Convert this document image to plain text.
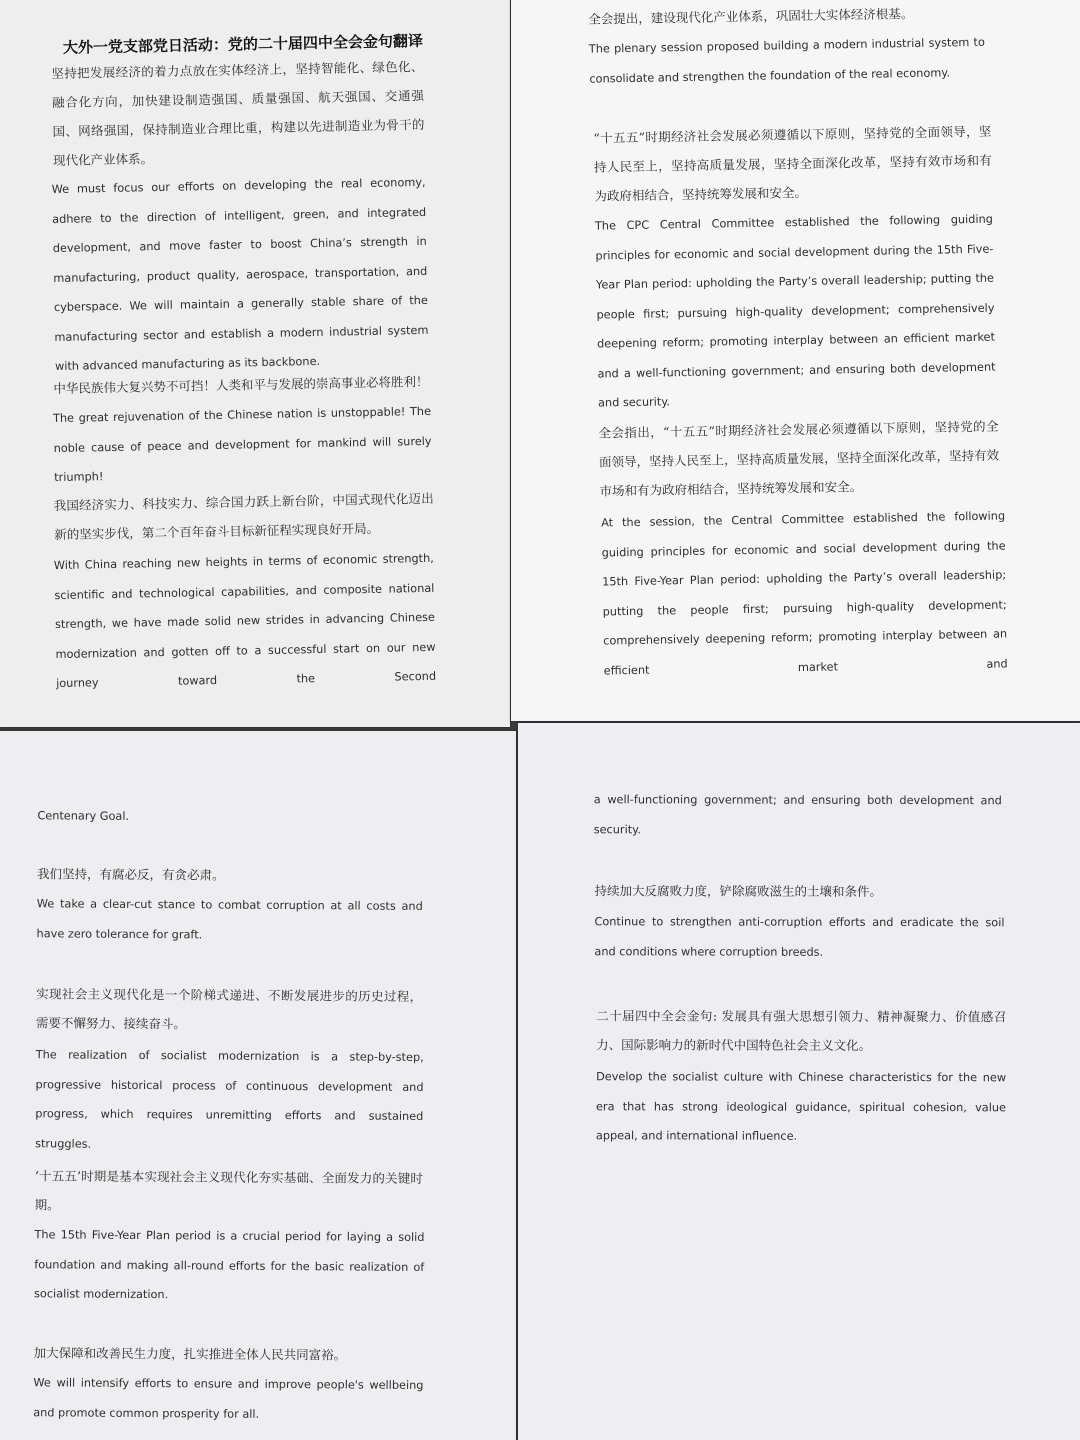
大外一党支部党日活动：党的二十届四中全会金句翻译

坚持把发展经济的着力点放在实体经济上，坚持智能化、绿色化、融合化方向，加快建设制造强国、质量强国、航天强国、交通强国、网络强国，保持制造业合理比重，构建以先进制造业为骨干的现代化产业体系。

We must focus our efforts on developing the real economy, adhere to the direction of intelligent, green, and integrated development, and move faster to boost China’s strength in manufacturing, product quality, aerospace, transportation, and cyberspace. We will maintain a generally stable share of the manufacturing sector and establish a modern industrial system with advanced manufacturing as its backbone.

中华民族伟大复兴势不可挡！人类和平与发展的崇高事业必将胜利！

The great rejuvenation of the Chinese nation is unstoppable! The noble cause of peace and development for mankind will surely triumph!

我国经济实力、科技实力、综合国力跃上新台阶，中国式现代化迈出新的坚实步伐，第二个百年奋斗目标新征程实现良好开局。

With China reaching new heights in terms of economic strength, scientific and technological capabilities, and composite national strength, we have made solid new strides in advancing Chinese modernization and gotten off to a successful start on our new journey toward the Second

全会提出，建设现代化产业体系，巩固壮大实体经济根基。

The plenary session proposed building a modern industrial system to consolidate and strengthen the foundation of the real economy.

“十五五”时期经济社会发展必须遵循以下原则，坚持党的全面领导，坚持人民至上，坚持高质量发展，坚持全面深化改革，坚持有效市场和有为政府相结合，坚持统筹发展和安全。

The CPC Central Committee established the following guiding principles for economic and social development during the 15th Five-Year Plan period: upholding the Party’s overall leadership; putting the people first; pursuing high-quality development; comprehensively deepening reform; promoting interplay between an efficient market and a well-functioning government; and ensuring both development and security.

全会指出，“十五五”时期经济社会发展必须遵循以下原则，坚持党的全面领导，坚持人民至上，坚持高质量发展，坚持全面深化改革，坚持有效市场和有为政府相结合，坚持统筹发展和安全。

At the session, the Central Committee established the following guiding principles for economic and social development during the 15th Five-Year Plan period: upholding the Party’s overall leadership; putting the people first; pursuing high-quality development; comprehensively deepening reform; promoting interplay between an efficient market and

Centenary Goal.

我们坚持，有腐必反，有贪必肃。

We take a clear-cut stance to combat corruption at all costs and have zero tolerance for graft.

实现社会主义现代化是一个阶梯式递进、不断发展进步的历史过程，需要不懈努力、接续奋斗。

The realization of socialist modernization is a step-by-step, progressive historical process of continuous development and progress, which requires unremitting efforts and sustained struggles.

‘十五五’时期是基本实现社会主义现代化夯实基础、全面发力的关键时期。

The 15th Five-Year Plan period is a crucial period for laying a solid foundation and making all-round efforts for the basic realization of socialist modernization.

加大保障和改善民生力度，扎实推进全体人民共同富裕。

We will intensify efforts to ensure and improve people's wellbeing and promote common prosperity for all.

a well-functioning government; and ensuring both development and security.

持续加大反腐败力度，铲除腐败滋生的土壤和条件。

Continue to strengthen anti-corruption efforts and eradicate the soil and conditions where corruption breeds.

二十届四中全会金句: 发展具有强大思想引领力、精神凝聚力、价值感召力、国际影响力的新时代中国特色社会主义文化。

Develop the socialist culture with Chinese characteristics for the new era that has strong ideological guidance, spiritual cohesion, value appeal, and international influence.
